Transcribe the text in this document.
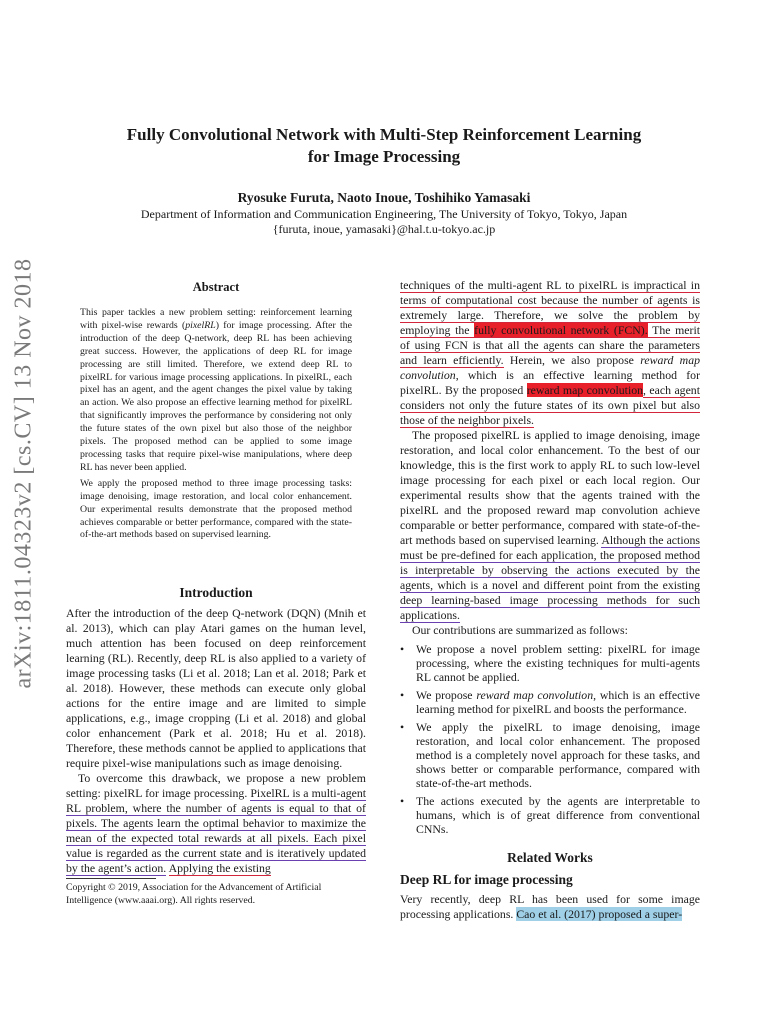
arXiv:1811.04323v2 [cs.CV] 13 Nov 2018
Fully Convolutional Network with Multi-Step Reinforcement Learning
for Image Processing
Ryosuke Furuta, Naoto Inoue, Toshihiko Yamasaki
Department of Information and Communication Engineering, The University of Tokyo, Tokyo, Japan
{furuta, inoue, yamasaki}@hal.t.u-tokyo.ac.jp
Abstract

This paper tackles a new problem setting: reinforcement learning with pixel-wise rewards (pixelRL) for image processing. After the introduction of the deep Q-network, deep RL has been achieving great success. However, the applications of deep RL for image processing are still limited. Therefore, we extend deep RL to pixelRL for various image processing applications. In pixelRL, each pixel has an agent, and the agent changes the pixel value by taking an action. We also propose an effective learning method for pixelRL that significantly improves the performance by considering not only the future states of the own pixel but also those of the neighbor pixels. The proposed method can be applied to some image processing tasks that require pixel-wise manipulations, where deep RL has never been applied.

We apply the proposed method to three image processing tasks: image denoising, image restoration, and local color enhancement. Our experimental results demonstrate that the proposed method achieves comparable or better performance, compared with the state-of-the-art methods based on supervised learning.

Introduction

After the introduction of the deep Q-network (DQN) (Mnih et al. 2013), which can play Atari games on the human level, much attention has been focused on deep reinforcement learning (RL). Recently, deep RL is also applied to a variety of image processing tasks (Li et al. 2018; Lan et al. 2018; Park et al. 2018). However, these methods can execute only global actions for the entire image and are limited to simple applications, e.g., image cropping (Li et al. 2018) and global color enhancement (Park et al. 2018; Hu et al. 2018). Therefore, these methods cannot be applied to applications that require pixel-wise manipulations such as image denoising.

To overcome this drawback, we propose a new problem setting: pixelRL for image processing. PixelRL is a multi-agent RL problem, where the number of agents is equal to that of pixels. The agents learn the optimal behavior to maximize the mean of the expected total rewards at all pixels. Each pixel value is regarded as the current state and is iteratively updated by the agent’s action. Applying the existing

Copyright © 2019, Association for the Advancement of Artificial
Intelligence (www.aaai.org). All rights reserved.

techniques of the multi-agent RL to pixelRL is impractical in terms of computational cost because the number of agents is extremely large. Therefore, we solve the problem by employing the fully convolutional network (FCN). The merit of using FCN is that all the agents can share the parameters and learn efficiently. Herein, we also propose reward map convolution, which is an effective learning method for pixelRL. By the proposed reward map convolution, each agent considers not only the future states of its own pixel but also those of the neighbor pixels.

The proposed pixelRL is applied to image denoising, image restoration, and local color enhancement. To the best of our knowledge, this is the first work to apply RL to such low-level image processing for each pixel or each local region. Our experimental results show that the agents trained with the pixelRL and the proposed reward map convolution achieve comparable or better performance, compared with state-of-the-art methods based on supervised learning. Although the actions must be pre-defined for each application, the proposed method is interpretable by observing the actions executed by the agents, which is a novel and different point from the existing deep learning-based image processing methods for such applications.

Our contributions are summarized as follows:

• We propose a novel problem setting: pixelRL for image processing, where the existing techniques for multi-agents RL cannot be applied.
• We propose reward map convolution, which is an effective learning method for pixelRL and boosts the performance.
• We apply the pixelRL to image denoising, image restoration, and local color enhancement. The proposed method is a completely novel approach for these tasks, and shows better or comparable performance, compared with state-of-the-art methods.
• The actions executed by the agents are interpretable to humans, which is of great difference from conventional CNNs.
Related Works
Deep RL for image processing

Very recently, deep RL has been used for some image processing applications. Cao et al. (2017) proposed a super-
